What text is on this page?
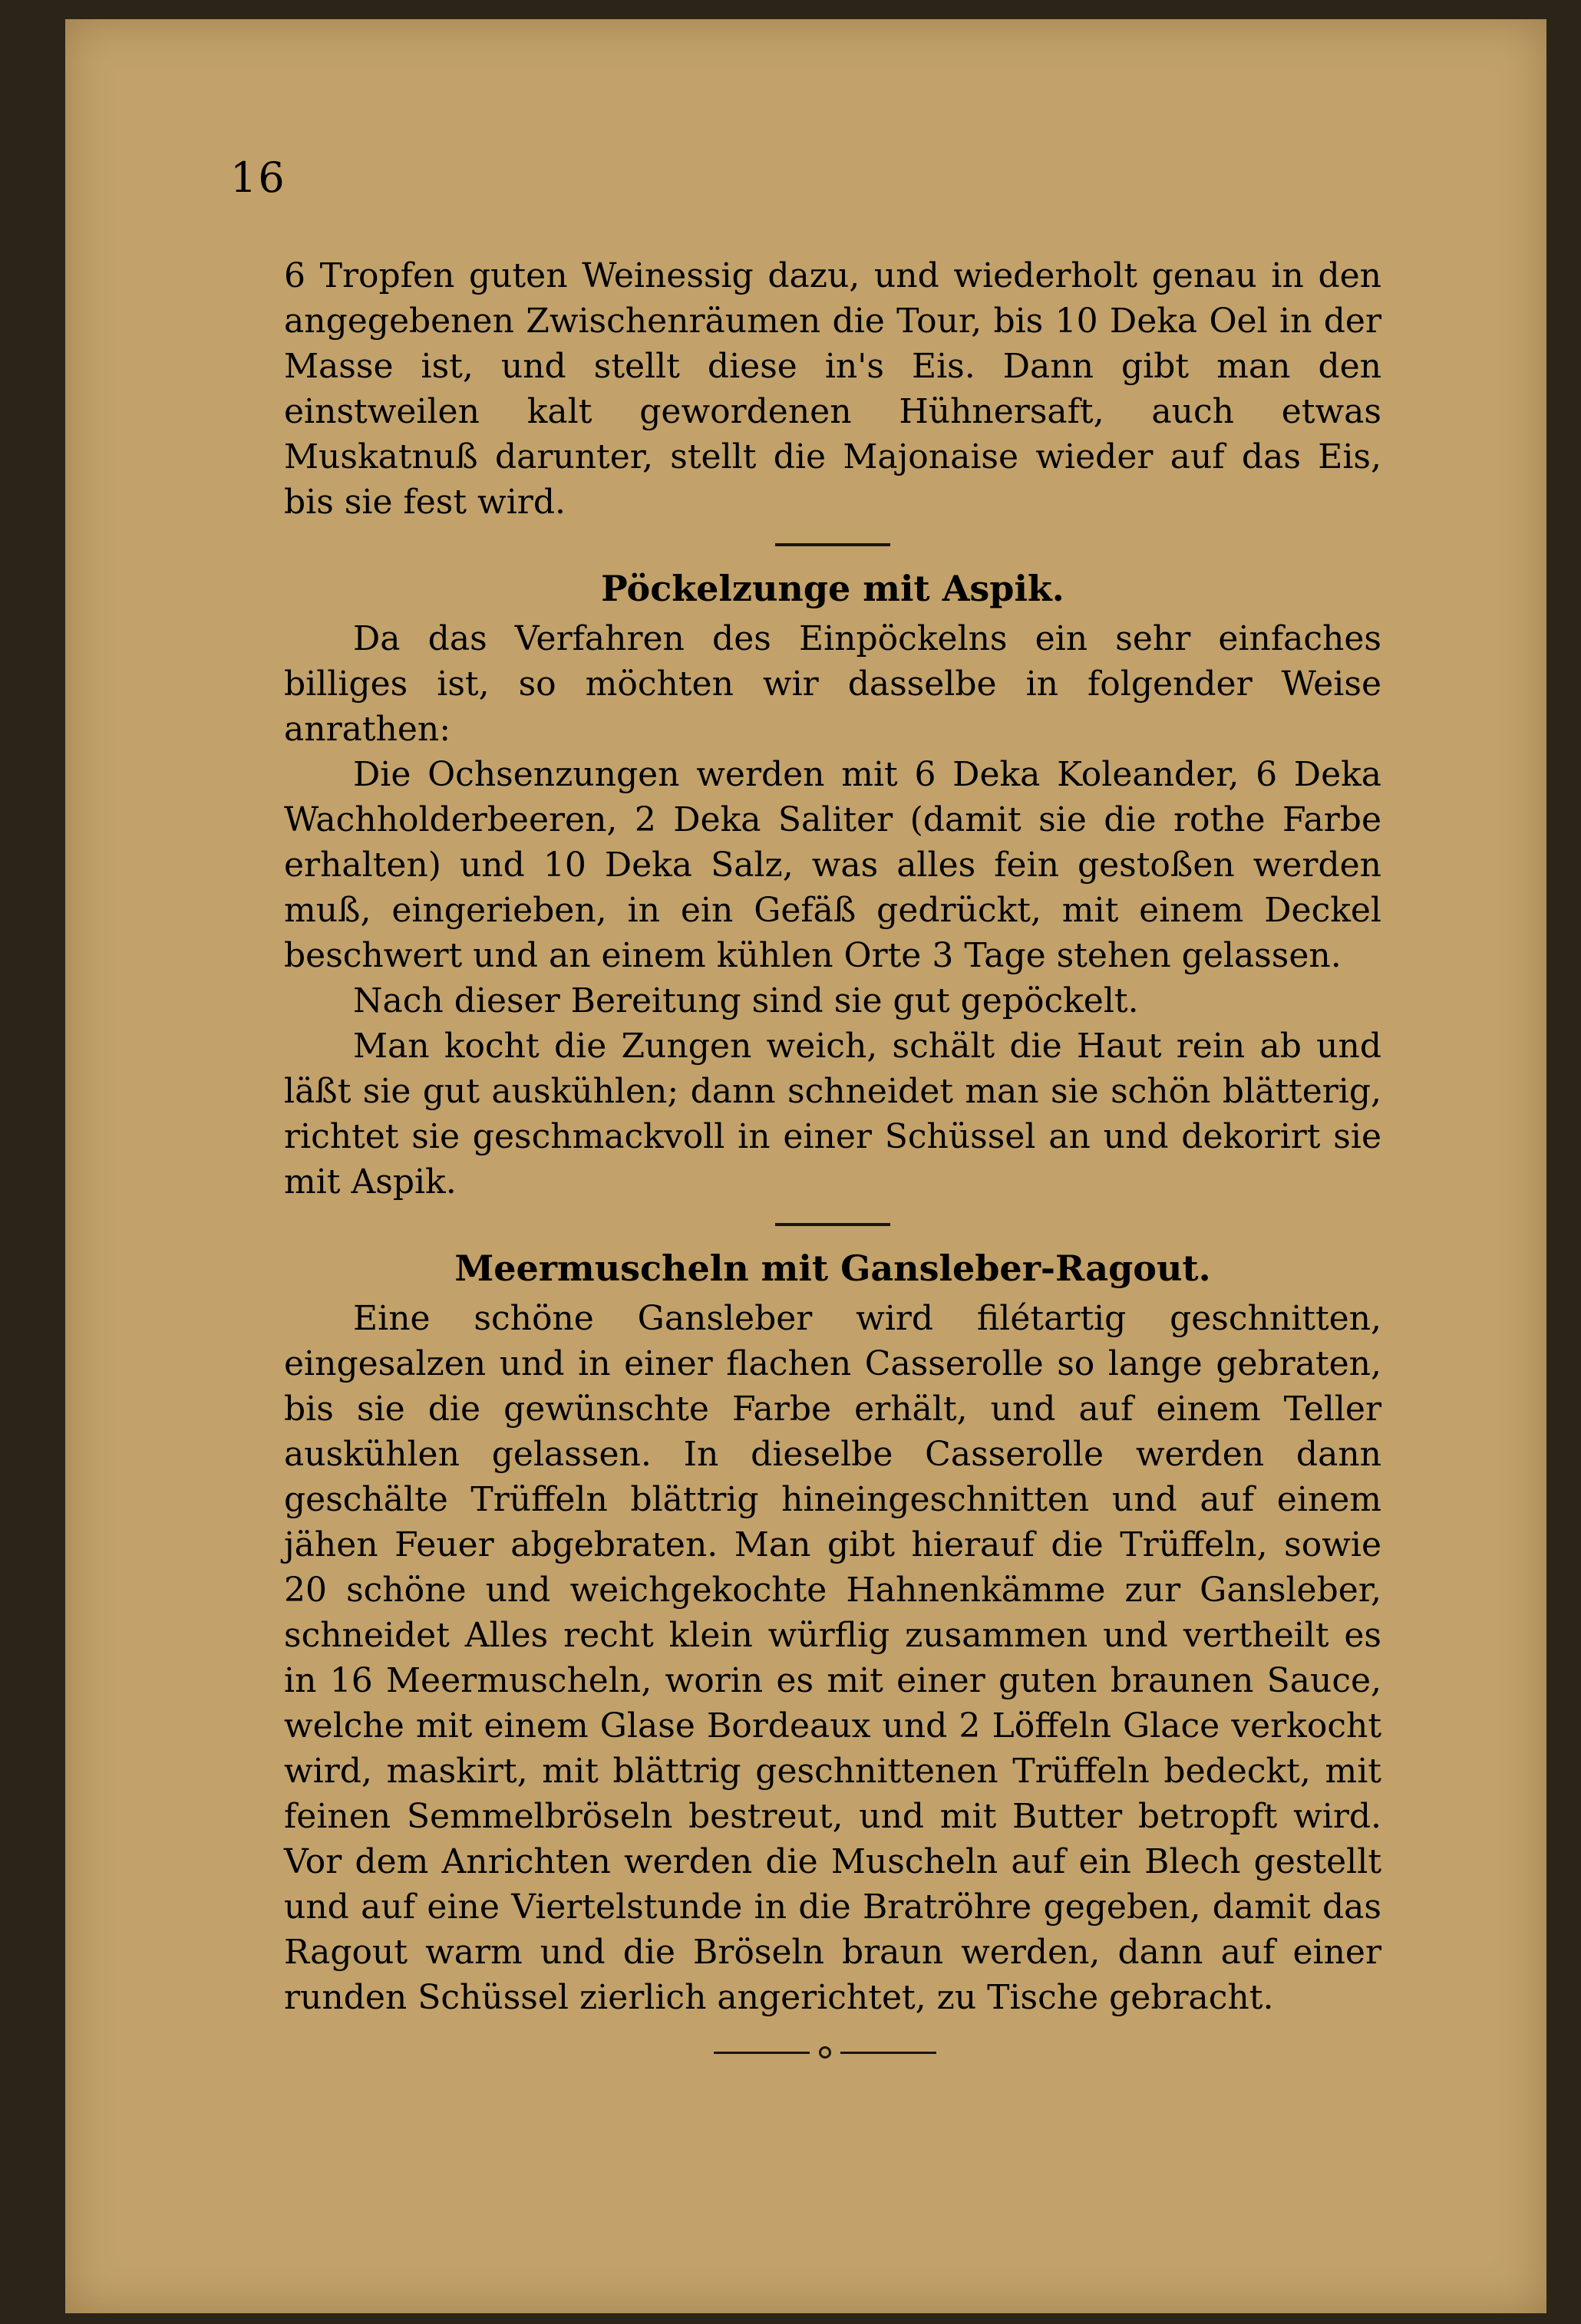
16

6 Tropfen guten Weinessig dazu, und wiederholt genau in den angegebenen Zwischenräumen die Tour, bis 10 Deka Oel in der Masse ist, und stellt diese in's Eis. Dann gibt man den einstweilen kalt gewordenen Hühnersaft, auch etwas Muskatnuß darunter, stellt die Majonaise wieder auf das Eis, bis sie fest wird.

Pöckelzunge mit Aspik.

Da das Verfahren des Einpöckelns ein sehr einfaches billiges ist, so möchten wir dasselbe in folgender Weise anrathen:

Die Ochsenzungen werden mit 6 Deka Koleander, 6 Deka Wachholderbeeren, 2 Deka Saliter (damit sie die rothe Farbe erhalten) und 10 Deka Salz, was alles fein gestoßen werden muß, eingerieben, in ein Gefäß gedrückt, mit einem Deckel beschwert und an einem kühlen Orte 3 Tage stehen gelassen.

Nach dieser Bereitung sind sie gut gepöckelt.

Man kocht die Zungen weich, schält die Haut rein ab und läßt sie gut auskühlen; dann schneidet man sie schön blätterig, richtet sie geschmackvoll in einer Schüssel an und dekorirt sie mit Aspik.

Meermuscheln mit Gansleber-Ragout.

Eine schöne Gansleber wird filétartig geschnitten, eingesalzen und in einer flachen Casserolle so lange gebraten, bis sie die gewünschte Farbe erhält, und auf einem Teller auskühlen gelassen. In dieselbe Casserolle werden dann geschälte Trüffeln blättrig hineingeschnitten und auf einem jähen Feuer abgebraten. Man gibt hierauf die Trüffeln, sowie 20 schöne und weichgekochte Hahnenkämme zur Gansleber, schneidet Alles recht klein würflig zusammen und vertheilt es in 16 Meermuscheln, worin es mit einer guten braunen Sauce, welche mit einem Glase Bordeaux und 2 Löffeln Glace verkocht wird, maskirt, mit blättrig geschnittenen Trüffeln bedeckt, mit feinen Semmelbröseln bestreut, und mit Butter betropft wird. Vor dem Anrichten werden die Muscheln auf ein Blech gestellt und auf eine Viertelstunde in die Bratröhre gegeben, damit das Ragout warm und die Bröseln braun werden, dann auf einer runden Schüssel zierlich angerichtet, zu Tische gebracht.
